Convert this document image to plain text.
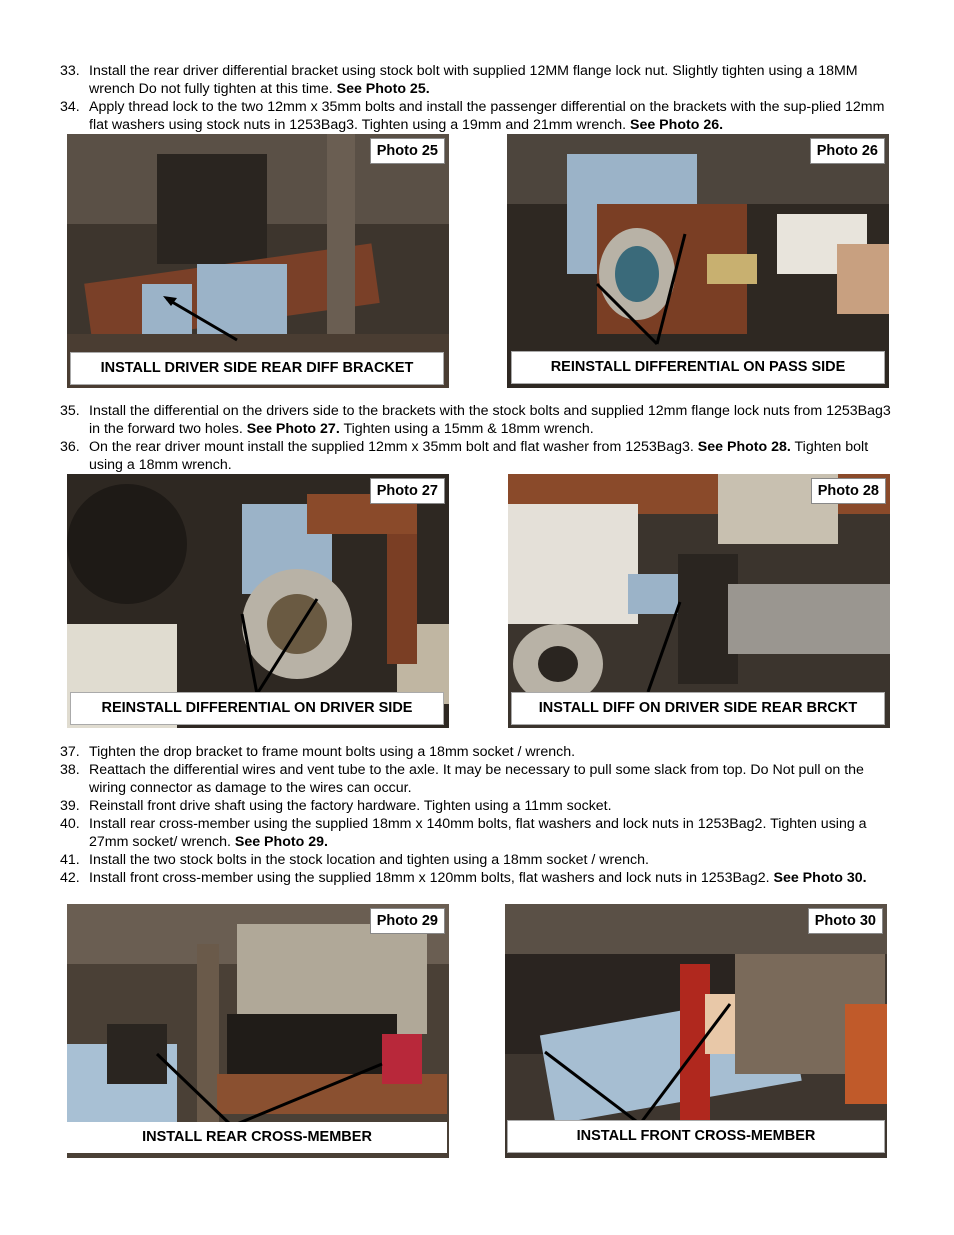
33. Install the rear driver differential bracket using stock bolt with supplied 12MM flange lock nut. Slightly tighten using a 18MM wrench Do not fully tighten at this time. See Photo 25.
34. Apply thread lock to the two 12mm x 35mm bolts and install the passenger differential on the brackets with the sup-plied 12mm flat washers using stock nuts in 1253Bag3. Tighten using a 19mm and 21mm wrench. See Photo 26.
Photo 25
INSTALL DRIVER SIDE REAR DIFF BRACKET
Photo 26
REINSTALL DIFFERENTIAL ON PASS SIDE
35. Install the differential on the drivers side to the brackets with the stock bolts and supplied 12mm flange lock nuts from 1253Bag3 in the forward two holes. See Photo 27. Tighten using a 15mm & 18mm wrench.
36. On the rear driver mount install the supplied 12mm x 35mm bolt and flat washer from 1253Bag3. See Photo 28. Tighten bolt using a 18mm wrench.
Photo 27
REINSTALL DIFFERENTIAL ON DRIVER SIDE
Photo 28
INSTALL DIFF ON DRIVER SIDE REAR BRCKT
37. Tighten the drop bracket to frame mount bolts using a 18mm socket / wrench.
38. Reattach the differential wires and vent tube to the axle. It may be necessary to pull some slack from top. Do Not pull on the wiring connector as damage to the wires can occur.
39. Reinstall front drive shaft using the factory hardware. Tighten using a 11mm socket.
40. Install rear cross-member using the supplied 18mm x 140mm bolts, flat washers and lock nuts in 1253Bag2. Tighten using a 27mm socket/ wrench. See Photo 29.
41. Install the two stock bolts in the stock location and tighten using a 18mm socket / wrench.
42. Install front cross-member using the supplied 18mm x 120mm bolts, flat washers and lock nuts in 1253Bag2. See Photo 30.
Photo 29
INSTALL REAR CROSS-MEMBER
Photo 30
INSTALL FRONT CROSS-MEMBER
